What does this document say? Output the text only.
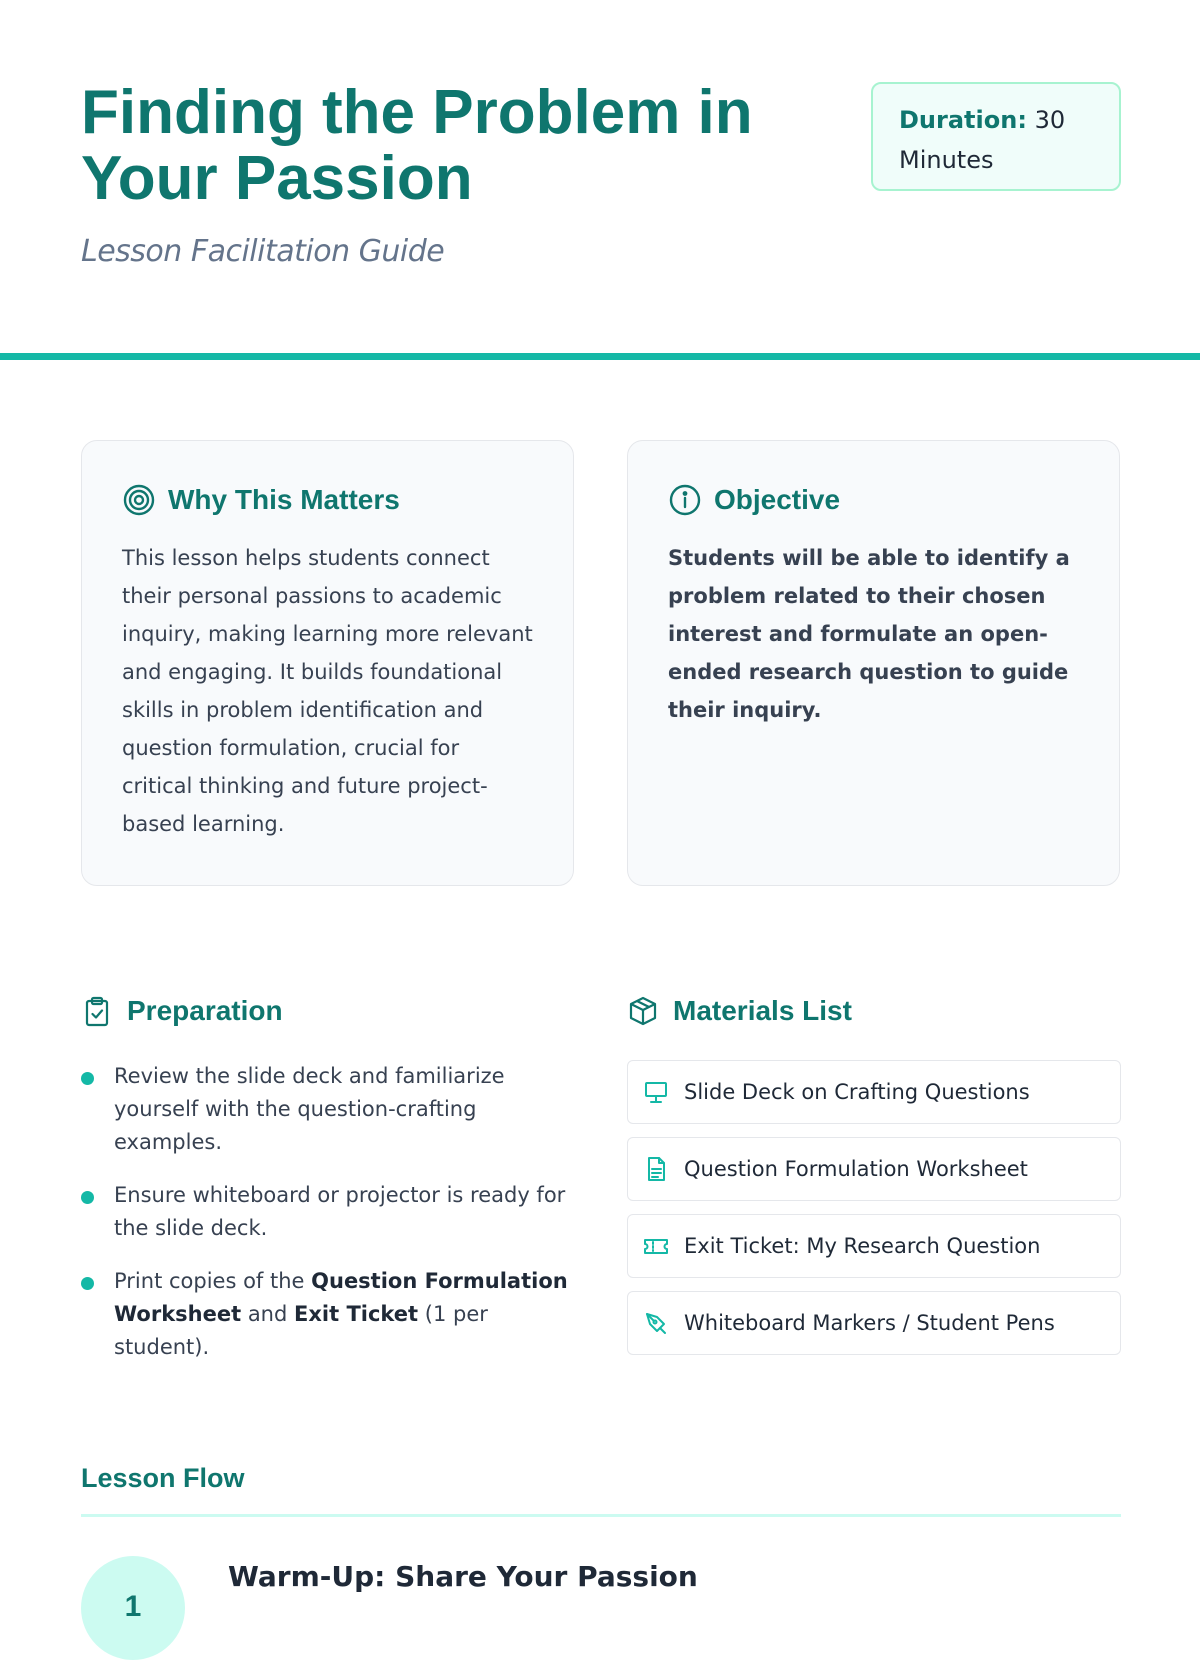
Finding the Problem in Your Passion
Lesson Facilitation Guide
Duration: 30 Minutes
Why This Matters

This lesson helps students connect their personal passions to academic inquiry, making learning more relevant and engaging. It builds foundational skills in problem identification and question formulation, crucial for critical thinking and future project-based learning.

Objective

Students will be able to identify a problem related to their chosen interest and formulate an open-ended research question to guide their inquiry.

Preparation
Review the slide deck and familiarize yourself with the question-crafting examples.
Ensure whiteboard or projector is ready for the slide deck.
Print copies of the Question Formulation Worksheet and Exit Ticket (1 per student).
Materials List
Slide Deck on Crafting Questions
Question Formulation Worksheet
Exit Ticket: My Research Question
Whiteboard Markers / Student Pens
Lesson Flow
1
Warm-Up: Share Your Passion
